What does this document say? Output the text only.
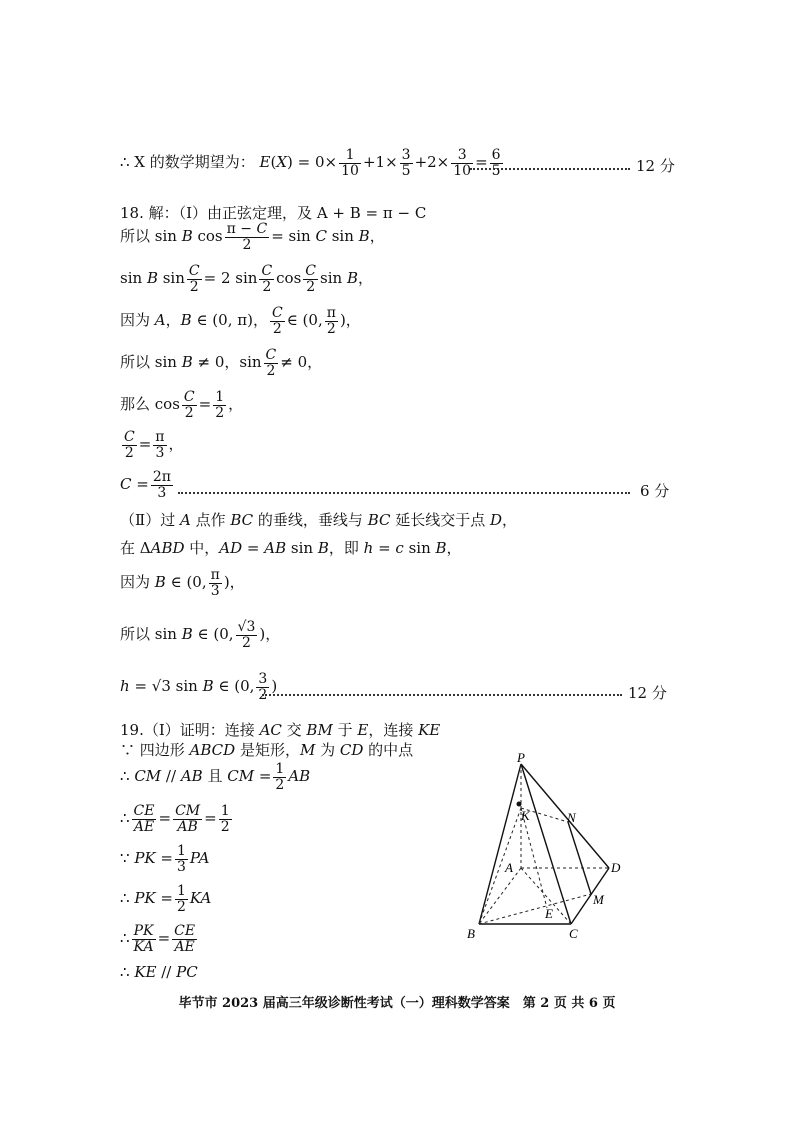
∴ X 的数学期望为： $E(X) = 0\times \frac{1}{10} +1\times \frac{3}{5} +2\times \frac{3}{10} = \frac{6}{5}$	12 分
18. 解：（Ⅰ）由正弦定理，及 A + B = π − C
所以 sin B $\cos \frac{\pi - C}{2} = \sin C$ sin B，
sin B $\sin \frac{C}{2} = 2$ $\sin \frac{C}{2}$ $\cos \frac{C}{2}$ sin B，
因为 A，B ∈ (0, π)， $\frac{C}{2}$ ∈ (0, $\frac{\pi}{2}$ )，
所以 sin B ≠ 0，$\sin \frac{C}{2} \ne 0$，
那么 $\cos \frac{C}{2} = \frac{1}{2}$ ，
$\frac{C}{2} = \frac{\pi}{3}$ ，
$C = \frac{2\pi}{3}$	6 分
（Ⅱ）过 A 点作 BC 的垂线，垂线与 BC 延长线交于点 D，
在 ΔABD 中，AD = AB sin B，即 h = c sin B，
因为 B ∈ (0, $\frac{\pi}{3}$ )，
所以 sin B ∈ (0, $\frac{√3}{2}$ )，
h = √3 sin B ∈ (0, $\frac{3}{2}$ )	12 分
19.（Ⅰ）证明：连接 AC 交 BM 于 E，连接 KE
∵ 四边形 ABCD 是矩形，M 为 CD 的中点
∴ CM // AB 且 CM = $\frac{1}{2}$ AB
∴ $\frac{CE}{AE} = \frac{CM}{AB} = \frac{1}{2}$
∵ PK = $\frac{1}{3}$ PA
∴ PK = $\frac{1}{2}$ KA
∴ $\frac{PK}{KA} = \frac{CE}{AE}$
∴ KE // PC
P
K	N
A	D
M
E
B	C
毕节市 2023 届高三年级诊断性考试（一）理科数学答案　第 2 页 共 6 页
